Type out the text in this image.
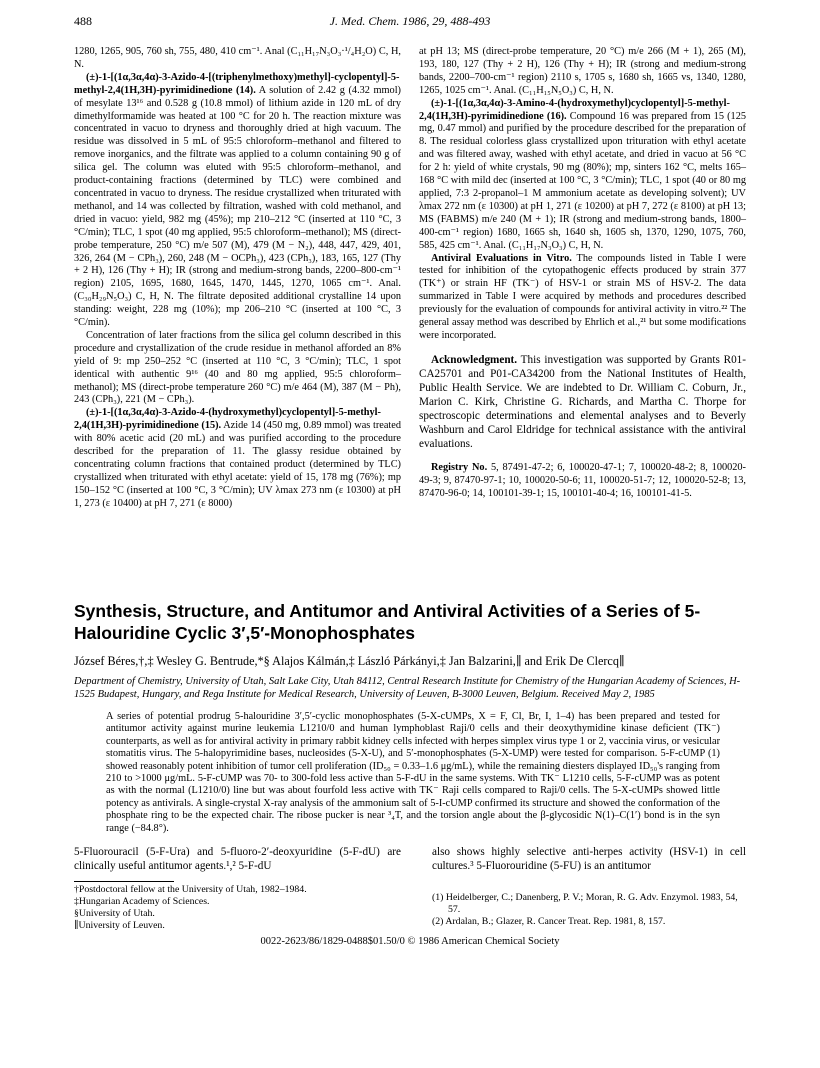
488	J. Med. Chem. 1986, 29, 488-493

1280, 1265, 905, 760 sh, 755, 480, 410 cm⁻¹. Anal (C₁₁H₁₇N₃O₃·¹/₄H₂O) C, H, N.

(±)-1-[(1α,3α,4α)-3-Azido-4-[(triphenylmethoxy)methyl]-cyclopentyl]-5-methyl-2,4(1H,3H)-pyrimidinedione (14). A solution of 2.42 g (4.32 mmol) of mesylate 13¹⁶ and 0.528 g (10.8 mmol) of lithium azide in 120 mL of dry dimethylformamide was heated at 100 °C for 20 h. The reaction mixture was concentrated in vacuo to dryness and thoroughly dried at high vacuum. The residue was dissolved in 5 mL of 95:5 chloroform–methanol and filtered to remove inorganics, and the filtrate was applied to a column containing 90 g of silica gel. The column was eluted with 95:5 chloroform–methanol, and product-containing fractions (determined by TLC) were combined and concentrated in vacuo to dryness. The residue crystallized when triturated with methanol, and 14 was collected by filtration, washed with cold methanol, and dried in vacuo: yield, 982 mg (45%); mp 210–212 °C (inserted at 110 °C, 3 °C/min); TLC, 1 spot (40 mg applied, 95:5 chloroform–methanol); MS (direct-probe temperature, 250 °C) m/e 507 (M), 479 (M − N₂), 448, 447, 429, 401, 326, 264 (M − CPh₃), 260, 248 (M − OCPh₃), 423 (CPh₃), 183, 165, 127 (Thy + 2 H), 126 (Thy + H); IR (strong and medium-strong bands, 2200–800-cm⁻¹ region) 2105, 1695, 1680, 1645, 1470, 1445, 1270, 1065 cm⁻¹. Anal. (C₃₀H₂₉N₅O₃) C, H, N. The filtrate deposited additional crystalline 14 upon standing: weight, 228 mg (10%); mp 206–210 °C (inserted at 100 °C, 3 °C/min).

Concentration of later fractions from the silica gel column described in this procedure and crystallization of the crude residue in methanol afforded an 8% yield of 9: mp 250–252 °C (inserted at 110 °C, 3 °C/min); TLC, 1 spot identical with authentic 9¹⁶ (40 and 80 mg applied, 95:5 chloroform–methanol); MS (direct-probe temperature 260 °C) m/e 464 (M), 387 (M − Ph), 243 (CPh₃), 221 (M − CPh₃).

(±)-1-[(1α,3α,4α)-3-Azido-4-(hydroxymethyl)cyclopentyl]-5-methyl-2,4(1H,3H)-pyrimidinedione (15). Azide 14 (450 mg, 0.89 mmol) was treated with 80% acetic acid (20 mL) and was purified according to the procedure described for the preparation of 11. The glassy residue obtained by concentrating column fractions that contained product (determined by TLC) crystallized when triturated with ethyl acetate: yield of 15, 178 mg (76%); mp 150–152 °C (inserted at 100 °C, 3 °C/min); UV λmax 273 nm (ε 10300) at pH 1, 273 (ε 10400) at pH 7, 271 (ε 8000)

at pH 13; MS (direct-probe temperature, 20 °C) m/e 266 (M + 1), 265 (M), 193, 180, 127 (Thy + 2 H), 126 (Thy + H); IR (strong and medium-strong bands, 2200–700-cm⁻¹ region) 2110 s, 1705 s, 1680 sh, 1665 vs, 1340, 1280, 1265, 1025 cm⁻¹. Anal. (C₁₁H₁₅N₅O₃) C, H, N.

(±)-1-[(1α,3α,4α)-3-Amino-4-(hydroxymethyl)cyclopentyl]-5-methyl-2,4(1H,3H)-pyrimidinedione (16). Compound 16 was prepared from 15 (125 mg, 0.47 mmol) and purified by the procedure described for the preparation of 8. The residual colorless glass crystallized upon trituration with ethyl acetate and was filtered away, washed with ethyl acetate, and dried in vacuo at 56 °C for 2 h: yield of white crystals, 90 mg (80%); mp, sinters 162 °C, melts 165–168 °C with mild dec (inserted at 100 °C, 3 °C/min); TLC, 1 spot (40 or 80 mg applied, 7:3 2-propanol–1 M ammonium acetate as developing solvent); UV λmax 272 nm (ε 10300) at pH 1, 271 (ε 10200) at pH 7, 272 (ε 8100) at pH 13; MS (FABMS) m/e 240 (M + 1); IR (strong and medium-strong bands, 1800–400-cm⁻¹ region) 1680, 1665 sh, 1640 sh, 1605 sh, 1370, 1290, 1075, 760, 585, 425 cm⁻¹. Anal. (C₁₁H₁₇N₃O₃) C, H, N.

Antiviral Evaluations in Vitro. The compounds listed in Table I were tested for inhibition of the cytopathogenic effects produced by strain 377 (TK⁺) or strain HF (TK⁻) of HSV-1 or strain MS of HSV-2. The data summarized in Table I were acquired by methods and procedures described previously for the evaluation of compounds for antiviral activity in vitro.²² The general assay method was described by Ehrlich et al.,²¹ but some modifications were incorporated.

Acknowledgment. This investigation was supported by Grants R01-CA25701 and P01-CA34200 from the National Institutes of Health, Public Health Service. We are indebted to Dr. William C. Coburn, Jr., Marion C. Kirk, Christine G. Richards, and Martha C. Thorpe for spectroscopic determinations and elemental analyses and to Beverly Washburn and Carol Eldridge for technical assistance with the antiviral evaluations.

Registry No. 5, 87491-47-2; 6, 100020-47-1; 7, 100020-48-2; 8, 100020-49-3; 9, 87470-97-1; 10, 100020-50-6; 11, 100020-51-7; 12, 100020-52-8; 13, 87470-96-0; 14, 100101-39-1; 15, 100101-40-4; 16, 100101-41-5.

Synthesis, Structure, and Antitumor and Antiviral Activities of a Series of 5-Halouridine Cyclic 3′,5′-Monophosphates
József Béres,†,‡ Wesley G. Bentrude,*§ Alajos Kálmán,‡ László Párkányi,‡ Jan Balzarini,∥ and Erik De Clercq∥
Department of Chemistry, University of Utah, Salt Lake City, Utah 84112, Central Research Institute for Chemistry of the Hungarian Academy of Sciences, H-1525 Budapest, Hungary, and Rega Institute for Medical Research, University of Leuven, B-3000 Leuven, Belgium. Received May 2, 1985
A series of potential prodrug 5-halouridine 3′,5′-cyclic monophosphates (5-X-cUMPs, X = F, Cl, Br, I, 1–4) has been prepared and tested for antitumor activity against murine leukemia L1210/0 and human lymphoblast Raji/0 cells and their deoxythymidine kinase deficient (TK⁻) counterparts, as well as for antiviral activity in primary rabbit kidney cells infected with herpes simplex virus type 1 or 2, vaccinia virus, or vesicular stomatitis virus. The 5-halopyrimidine bases, nucleosides (5-X-U), and 5′-monophosphates (5-X-UMP) were tested for comparison. 5-F-cUMP (1) showed reasonably potent inhibition of tumor cell proliferation (ID₅₀ = 0.33–1.6 μg/mL), while the remaining diesters displayed ID₅₀'s ranging from 210 to >1000 μg/mL. 5-F-cUMP was 70- to 300-fold less active than 5-F-dU in the same systems. With TK⁻ L1210 cells, 5-F-cUMP was as potent as with the normal (L1210/0) line but was about fourfold less active with TK⁻ Raji cells compared to Raji/0 cells. The 5-X-cUMPs showed little potency as antivirals. A single-crystal X-ray analysis of the ammonium salt of 5-I-cUMP confirmed its structure and showed the conformation of the phosphate ring to be the expected chair. The ribose pucker is near ³₄T, and the torsion angle about the β-glycosidic N(1)–C(1′) bond is in the syn range (−84.8°).
5-Fluorouracil (5-F-Ura) and 5-fluoro-2′-deoxyuridine (5-F-dU) are clinically useful antitumor agents.¹,² 5-F-dU
also shows highly selective anti-herpes activity (HSV-1) in cell cultures.³ 5-Fluorouridine (5-FU) is an antitumor
†Postdoctoral fellow at the University of Utah, 1982–1984.
‡Hungarian Academy of Sciences.
§University of Utah.
∥University of Leuven.

(1) Heidelberger, C.; Danenberg, P. V.; Moran, R. G. Adv. Enzymol. 1983, 54, 57.

(2) Ardalan, B.; Glazer, R. Cancer Treat. Rep. 1981, 8, 157.

0022-2623/86/1829-0488$01.50/0 © 1986 American Chemical Society
